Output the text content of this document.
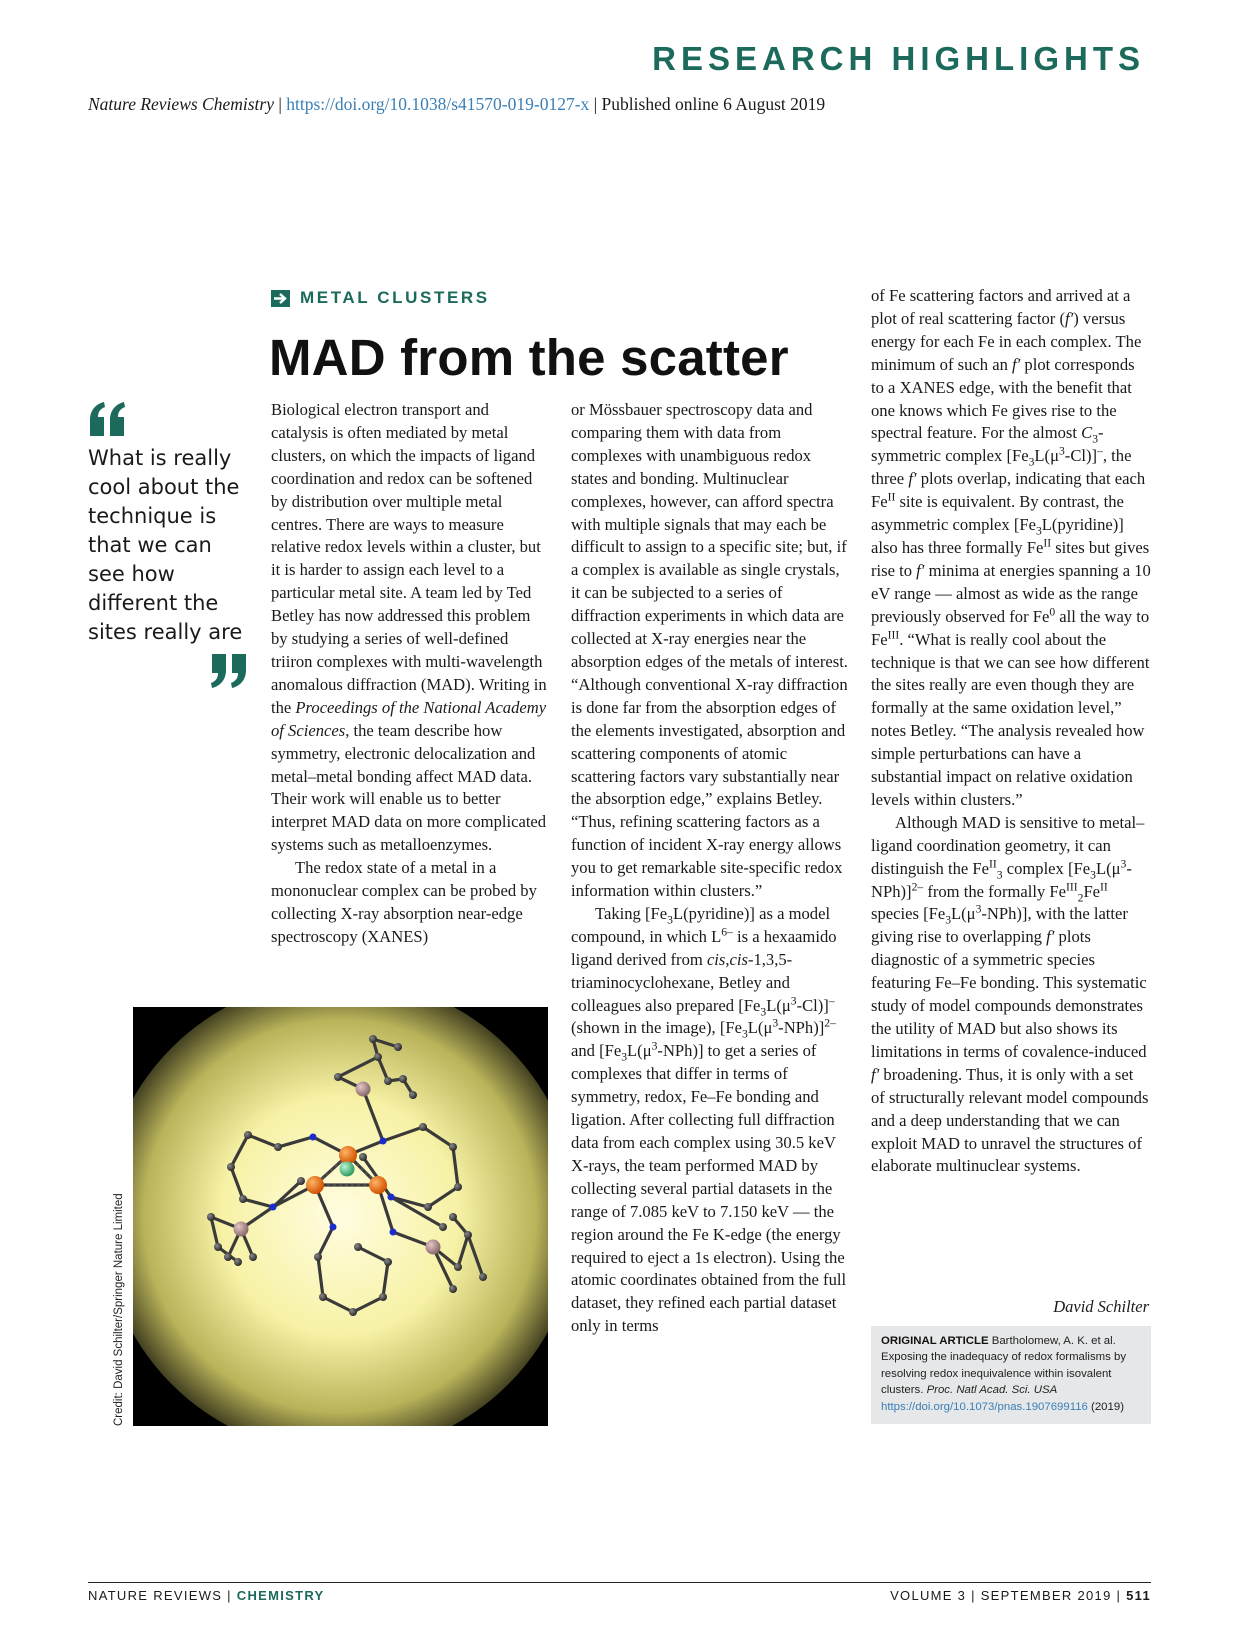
RESEARCH HIGHLIGHTS
Nature Reviews Chemistry | https://doi.org/10.1038/s41570-019-0127-x | Published online 6 August 2019
METAL CLUSTERS
MAD from the scatter
What is really cool about the technique is that we can see how different the sites really are

Biological electron transport and catalysis is often mediated by metal clusters, on which the impacts of ligand coordination and redox can be softened by distribution over multiple metal centres. There are ways to measure relative redox levels within a cluster, but it is harder to assign each level to a particular metal site. A team led by Ted Betley has now addressed this problem by studying a series of well-defined triiron complexes with multi-wavelength anomalous diffraction (MAD). Writing in the Proceedings of the National Academy of Sciences, the team describe how symmetry, electronic delocalization and metal–metal bonding affect MAD data. Their work will enable us to better interpret MAD data on more complicated systems such as metalloenzymes.

The redox state of a metal in a mononuclear complex can be probed by collecting X-ray absorption near-edge spectroscopy (XANES)

Credit: David Schilter/Springer Nature Limited

or Mössbauer spectroscopy data and comparing them with data from complexes with unambiguous redox states and bonding. Multinuclear complexes, however, can afford spectra with multiple signals that may each be difficult to assign to a specific site; but, if a complex is available as single crystals, it can be subjected to a series of diffraction experiments in which data are collected at X-ray energies near the absorption edges of the metals of interest. “Although conventional X-ray diffraction is done far from the absorption edges of the elements investigated, absorption and scattering components of atomic scattering factors vary substantially near the absorption edge,” explains Betley. “Thus, refining scattering factors as a function of incident X-ray energy allows you to get remarkable site-specific redox information within clusters.”

Taking $[Fe_3L(pyridine)]$ as a model compound, in which $L^{6-}$ is a hexaamido ligand derived from cis,cis-1,3,5-triaminocyclohexane, Betley and colleagues also prepared $[Fe_3L(\mu^3-Cl)]^-$ (shown in the image), $[Fe_3L(\mu^3-NPh)]^{2-}$ and $[Fe_3L(\mu^3-NPh)]$ to get a series of complexes that differ in terms of symmetry, redox, Fe–Fe bonding and ligation. After collecting full diffraction data from each complex using 30.5 keV X-rays, the team performed MAD by collecting several partial datasets in the range of 7.085 keV to 7.150 keV — the region around the Fe K-edge (the energy required to eject a 1s electron). Using the atomic coordinates obtained from the full dataset, they refined each partial dataset only in terms

of Fe scattering factors and arrived at a plot of real scattering factor (f′) versus energy for each Fe in each complex. The minimum of such an f′ plot corresponds to a XANES edge, with the benefit that one knows which Fe gives rise to the spectral feature. For the almost $C_3$-symmetric complex $[Fe_3L(\mu^3-Cl)]^-$, the three f′ plots overlap, indicating that each $Fe^{II}$ site is equivalent. By contrast, the asymmetric complex $[Fe_3L(pyridine)]$ also has three formally $Fe^{II}$ sites but gives rise to f′ minima at energies spanning a 10 eV range — almost as wide as the range previously observed for Fe$^0$ all the way to $Fe^{III}$. “What is really cool about the technique is that we can see how different the sites really are even though they are formally at the same oxidation level,” notes Betley. “The analysis revealed how simple perturbations can have a substantial impact on relative oxidation levels within clusters.”

Although MAD is sensitive to metal–ligand coordination geometry, it can distinguish the $Fe^{II}_3$ complex $[Fe_3L(\mu^3-NPh)]^{2-}$ from the formally $Fe^{III}_2Fe^{II}$ species $[Fe_3L(\mu^3-NPh)]$, with the latter giving rise to overlapping f′ plots diagnostic of a symmetric species featuring Fe–Fe bonding. This systematic study of model compounds demonstrates the utility of MAD but also shows its limitations in terms of covalence-induced f′ broadening. Thus, it is only with a set of structurally relevant model compounds and a deep understanding that we can exploit MAD to unravel the structures of elaborate multinuclear systems.

David Schilter
ORIGINAL ARTICLE Bartholomew, A. K. et al. Exposing the inadequacy of redox formalisms by resolving redox inequivalence within isovalent clusters. Proc. Natl Acad. Sci. USA https://doi.org/10.1073/pnas.1907699116 (2019)
NATURE REVIEWS | CHEMISTRY	VOLUME 3 | SEPTEMBER 2019 | 511
